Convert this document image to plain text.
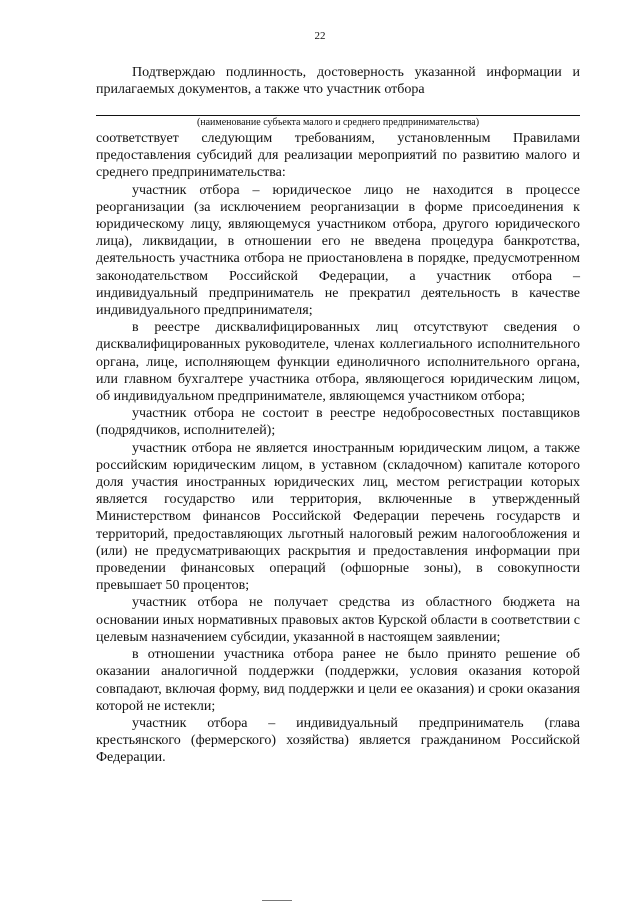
22
Подтверждаю подлинность, достоверность указанной информации и прилагаемых документов, а также что участник отбора
(наименование субъекта малого и среднего предпринимательства)

соответствует следующим требованиям, установленным Правилами предоставления субсидий для реализации мероприятий по развитию малого и среднего предпринимательства:

участник отбора – юридическое лицо не находится в процессе реорганизации (за исключением реорганизации в форме присоединения к юридическому лицу, являющемуся участником отбора, другого юридического лица), ликвидации, в отношении его не введена процедура банкротства, деятельность участника отбора не приостановлена в порядке, предусмотренном законодательством Российской Федерации, а участник отбора – индивидуальный предприниматель не прекратил деятельность в качестве индивидуального предпринимателя;

в реестре дисквалифицированных лиц отсутствуют сведения о дисквалифицированных руководителе, членах коллегиального исполнительного органа, лице, исполняющем функции единоличного исполнительного органа, или главном бухгалтере участника отбора, являющегося юридическим лицом, об индивидуальном предпринимателе, являющемся участником отбора;

участник отбора не состоит в реестре недобросовестных поставщиков (подрядчиков, исполнителей);

участник отбора не является иностранным юридическим лицом, а также российским юридическим лицом, в уставном (складочном) капитале которого доля участия иностранных юридических лиц, местом регистрации которых является государство или территория, включенные в утвержденный Министерством финансов Российской Федерации перечень государств и территорий, предоставляющих льготный налоговый режим налогообложения и (или) не предусматривающих раскрытия и предоставления информации при проведении финансовых операций (офшорные зоны), в совокупности превышает 50 процентов;

участник отбора не получает средства из областного бюджета на основании иных нормативных правовых актов Курской области в соответствии с целевым назначением субсидии, указанной в настоящем заявлении;

в отношении участника отбора ранее не было принято решение об оказании аналогичной поддержки (поддержки, условия оказания которой совпадают, включая форму, вид поддержки и цели ее оказания) и сроки оказания которой не истекли;

участник отбора – индивидуальный предприниматель (глава крестьянского (фермерского) хозяйства) является гражданином Российской Федерации.
